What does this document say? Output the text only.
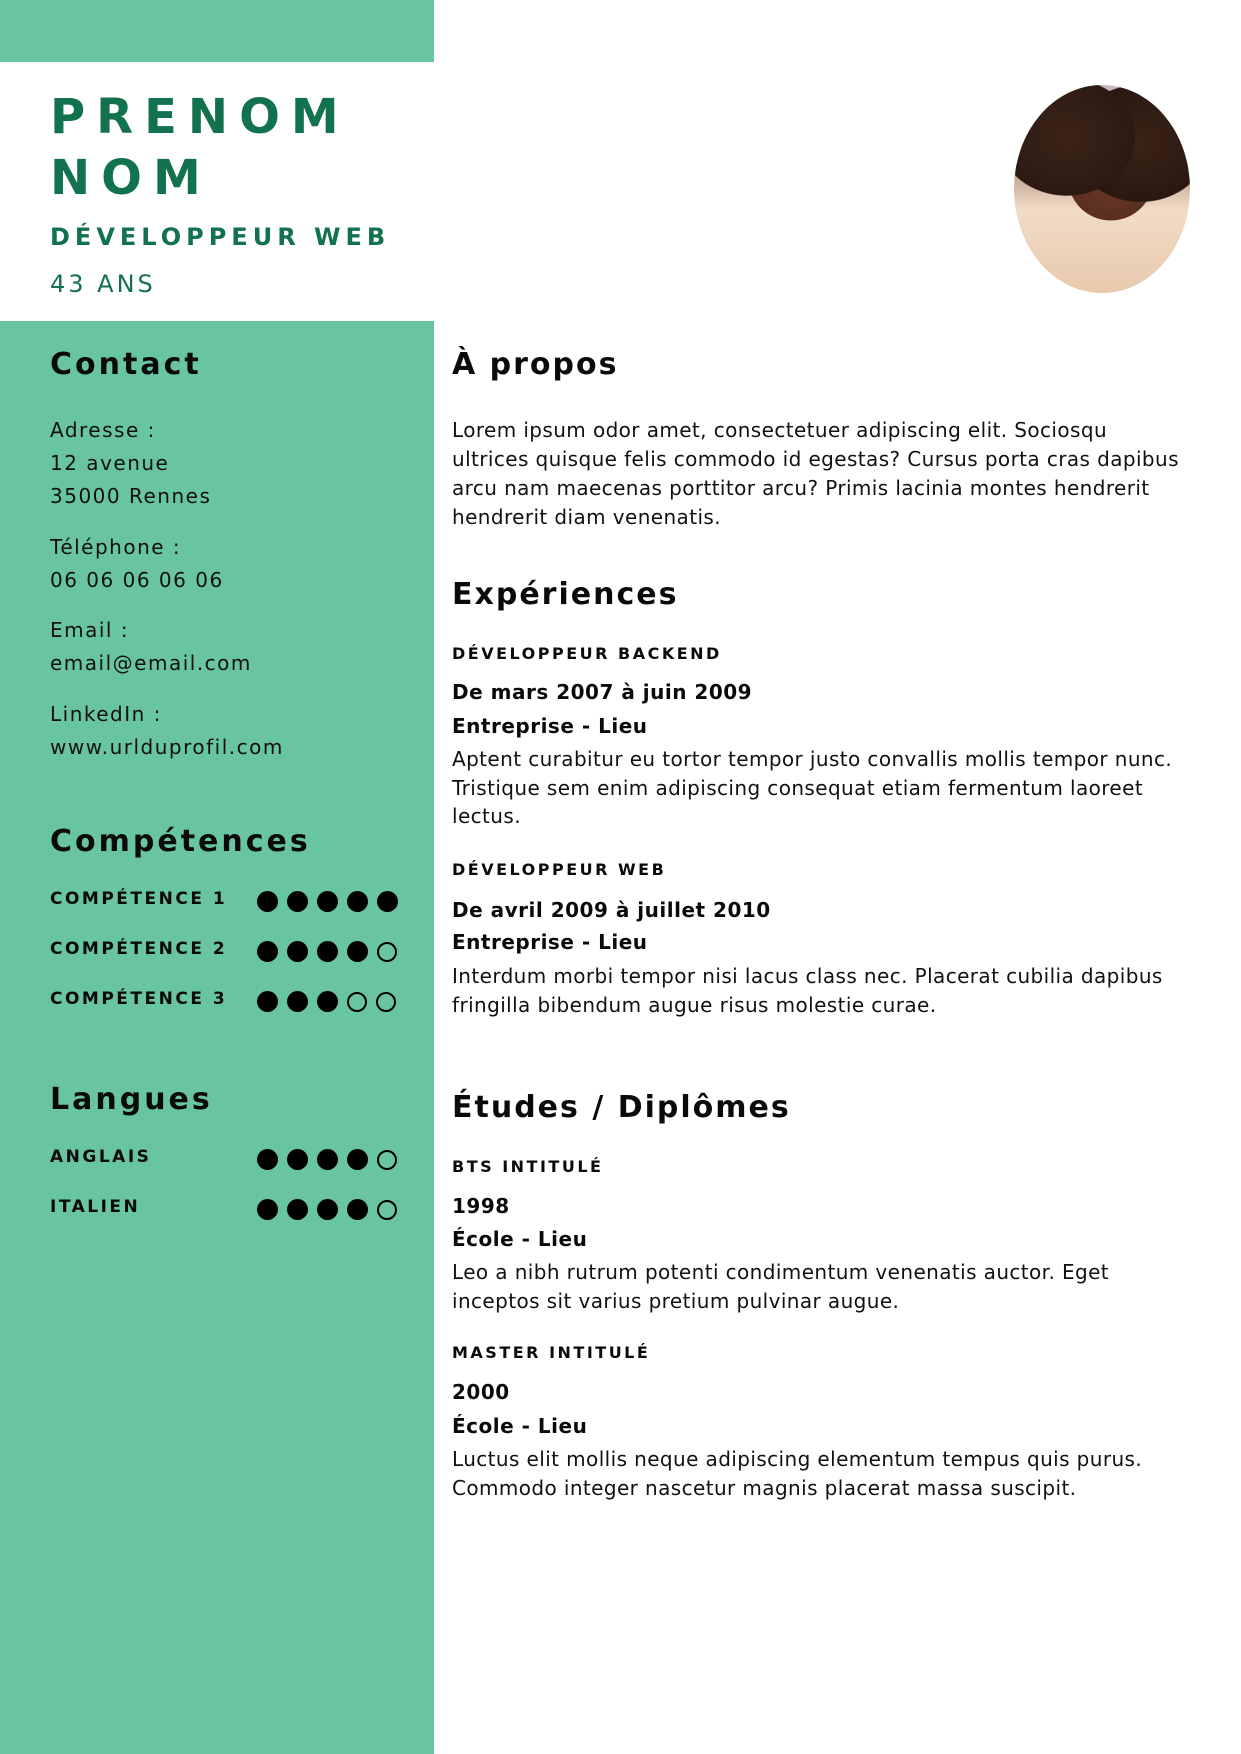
PRENOM
NOM
DÉVELOPPEUR WEB
43 ANS
Contact
Adresse :
12 avenue
35000 Rennes
Téléphone :
06 06 06 06 06
Email :
email@email.com
LinkedIn :
www.urlduprofil.com
Compétences
COMPÉTENCE 1
COMPÉTENCE 2
COMPÉTENCE 3
Langues
ANGLAIS
ITALIEN
À propos
Lorem ipsum odor amet, consectetuer adipiscing elit. Sociosqu
ultrices quisque felis commodo id egestas? Cursus porta cras dapibus
arcu nam maecenas porttitor arcu? Primis lacinia montes hendrerit
hendrerit diam venenatis.
Expériences
DÉVELOPPEUR BACKEND
De mars 2007 à juin 2009
Entreprise - Lieu
Aptent curabitur eu tortor tempor justo convallis mollis tempor nunc.
Tristique sem enim adipiscing consequat etiam fermentum laoreet
lectus.
DÉVELOPPEUR WEB
De avril 2009 à juillet 2010
Entreprise - Lieu
Interdum morbi tempor nisi lacus class nec. Placerat cubilia dapibus
fringilla bibendum augue risus molestie curae.
Études / Diplômes
BTS INTITULÉ
1998
École - Lieu
Leo a nibh rutrum potenti condimentum venenatis auctor. Eget
inceptos sit varius pretium pulvinar augue.
MASTER INTITULÉ
2000
École - Lieu
Luctus elit mollis neque adipiscing elementum tempus quis purus.
Commodo integer nascetur magnis placerat massa suscipit.
